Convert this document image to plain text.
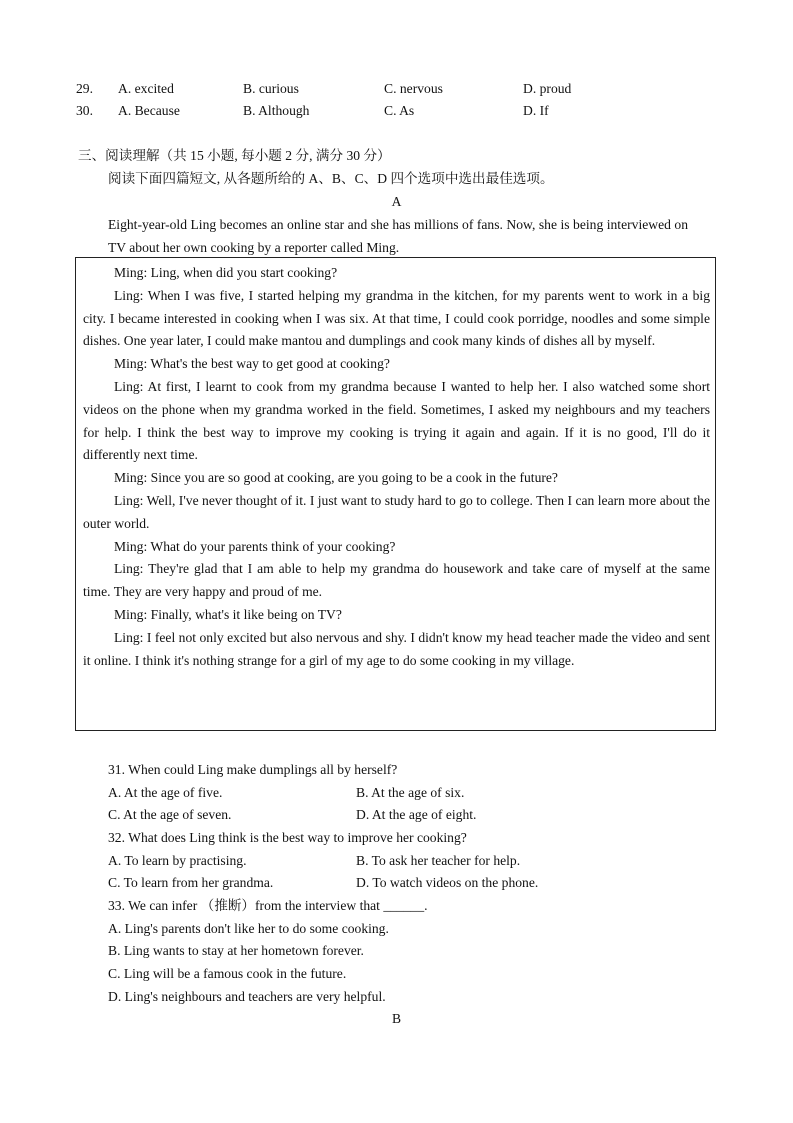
29. A. excited	B. curious	C. nervous	D. proud
30. A. Because	B. Although	C. As	D. If
三、阅读理解（共 15 小题, 每小题 2 分, 满分 30 分）
阅读下面四篇短文, 从各题所给的 A、B、C、D 四个选项中选出最佳选项。
A
Eight-year-old Ling becomes an online star and she has millions of fans. Now, she is being interviewed on TV about her own cooking by a reporter called Ming.

Ming: Ling, when did you start cooking?

Ling: When I was five, I started helping my grandma in the kitchen, for my parents went to work in a big city. I became interested in cooking when I was six. At that time, I could cook porridge, noodles and some simple dishes. One year later, I could make mantou and dumplings and cook many kinds of dishes all by myself.

Ming: What's the best way to get good at cooking?

Ling: At first, I learnt to cook from my grandma because I wanted to help her. I also watched some short videos on the phone when my grandma worked in the field. Sometimes, I asked my neighbours and my teachers for help. I think the best way to improve my cooking is trying it again and again. If it is no good, I'll do it differently next time.

Ming: Since you are so good at cooking, are you going to be a cook in the future?

Ling: Well, I've never thought of it. I just want to study hard to go to college. Then I can learn more about the outer world.

Ming: What do your parents think of your cooking?

Ling: They're glad that I am able to help my grandma do housework and take care of myself at the same time. They are very happy and proud of me.

Ming: Finally, what's it like being on TV?

Ling: I feel not only excited but also nervous and shy. I didn't know my head teacher made the video and sent it online. I think it's nothing strange for a girl of my age to do some cooking in my village.

31. When could Ling make dumplings all by herself?
A. At the age of five.	B. At the age of six.
C. At the age of seven.	D. At the age of eight.
32. What does Ling think is the best way to improve her cooking?
A. To learn by practising.	B. To ask her teacher for help.
C. To learn from her grandma.	D. To watch videos on the phone.
33. We can infer （推断）from the interview that ______.
A. Ling's parents don't like her to do some cooking.
B. Ling wants to stay at her hometown forever.
C. Ling will be a famous cook in the future.
D. Ling's neighbours and teachers are very helpful.
B
